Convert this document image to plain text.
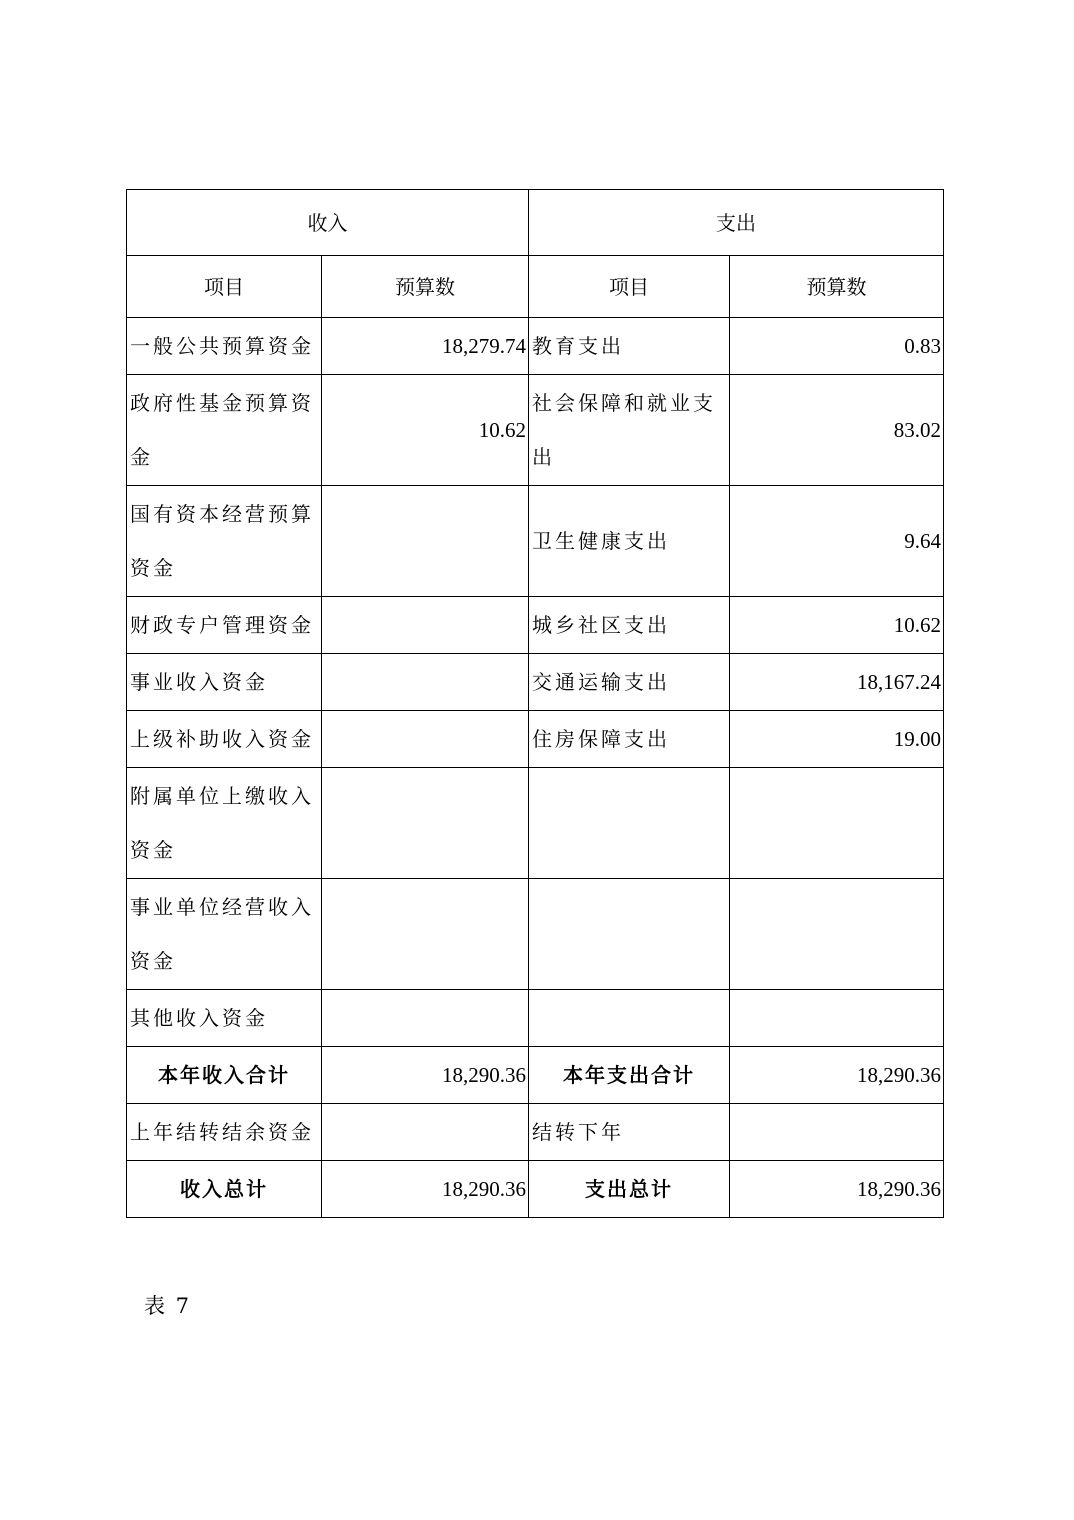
收入		支出	
项目	预算数	项目	预算数
一般公共预算资金	18,279.74	教育支出	0.83
政府性基金预算资金	10.62	社会保障和就业支出	83.02
国有资本经营预算资金		卫生健康支出	9.64
财政专户管理资金		城乡社区支出	10.62
事业收入资金		交通运输支出	18,167.24
上级补助收入资金		住房保障支出	19.00
附属单位上缴收入资金			
事业单位经营收入资金			
其他收入资金			
本年收入合计	18,290.36	本年支出合计	18,290.36
上年结转结余资金		结转下年	
收入总计	18,290.36	支出总计	18,290.36
表 7
